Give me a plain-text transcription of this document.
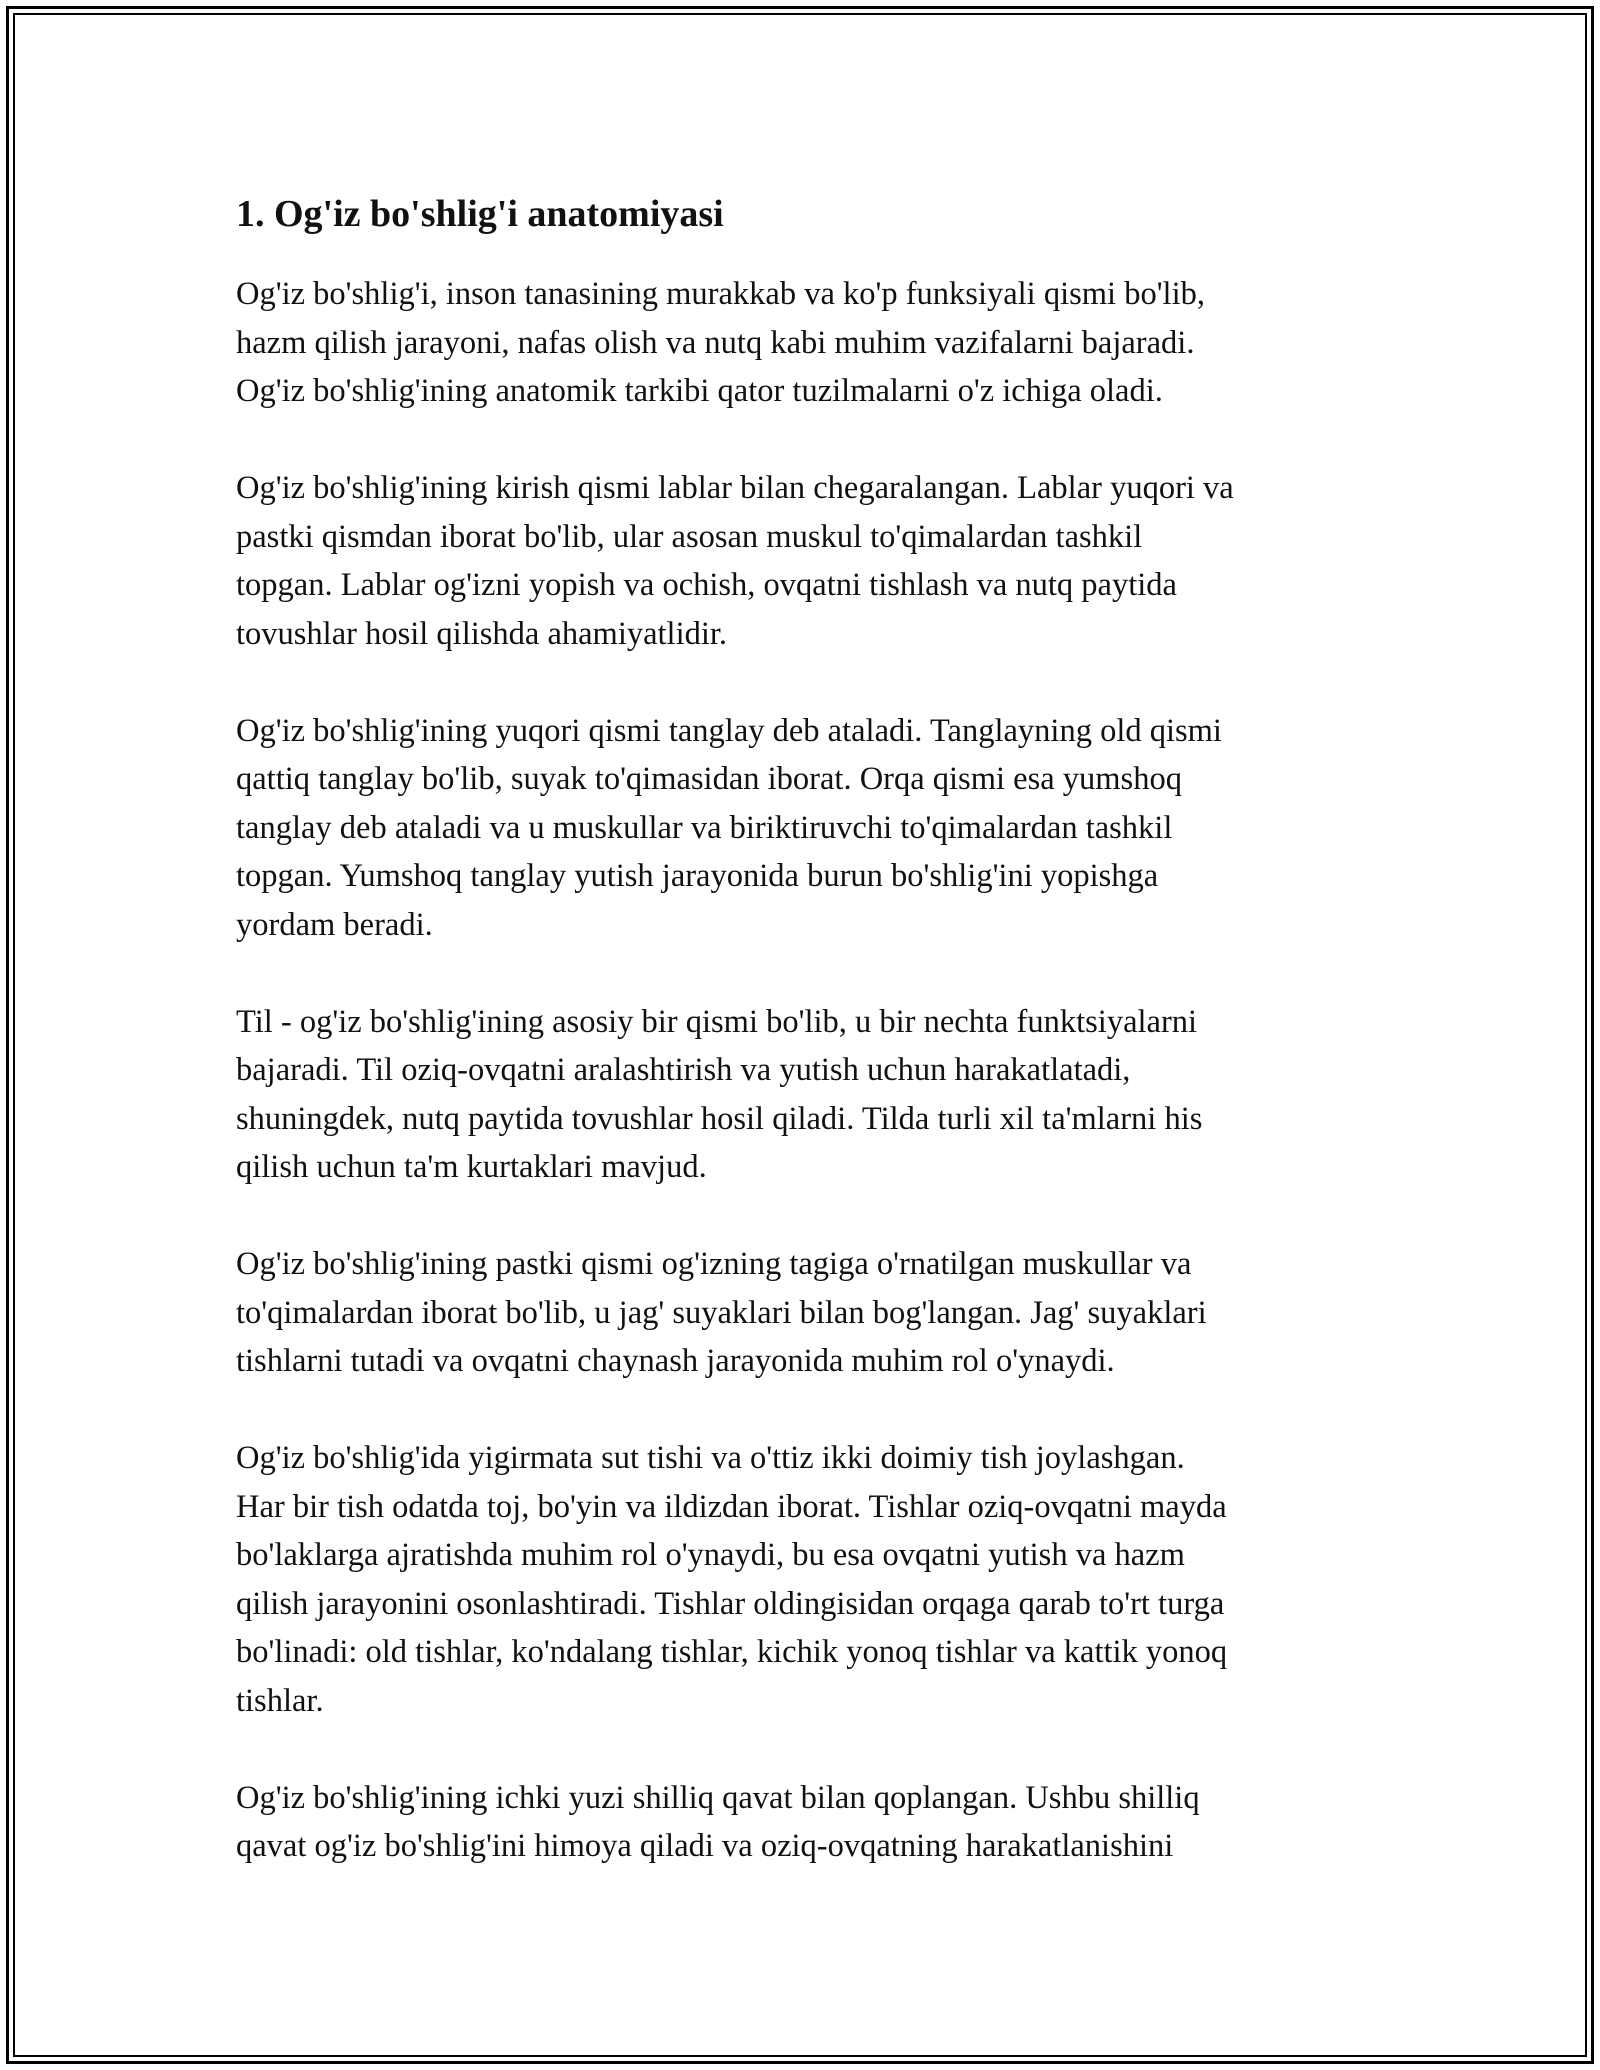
1. Og'iz bo'shlig'i anatomiyasi

Og'iz bo'shlig'i, inson tanasining murakkab va ko'p funksiyali qismi bo'lib,
hazm qilish jarayoni, nafas olish va nutq kabi muhim vazifalarni bajaradi.
Og'iz bo'shlig'ining anatomik tarkibi qator tuzilmalarni o'z ichiga oladi.

Og'iz bo'shlig'ining kirish qismi lablar bilan chegaralangan. Lablar yuqori va
pastki qismdan iborat bo'lib, ular asosan muskul to'qimalardan tashkil
topgan. Lablar og'izni yopish va ochish, ovqatni tishlash va nutq paytida
tovushlar hosil qilishda ahamiyatlidir.

Og'iz bo'shlig'ining yuqori qismi tanglay deb ataladi. Tanglayning old qismi
qattiq tanglay bo'lib, suyak to'qimasidan iborat. Orqa qismi esa yumshoq
tanglay deb ataladi va u muskullar va biriktiruvchi to'qimalardan tashkil
topgan. Yumshoq tanglay yutish jarayonida burun bo'shlig'ini yopishga
yordam beradi.

Til - og'iz bo'shlig'ining asosiy bir qismi bo'lib, u bir nechta funktsiyalarni
bajaradi. Til oziq-ovqatni aralashtirish va yutish uchun harakatlatadi,
shuningdek, nutq paytida tovushlar hosil qiladi. Tilda turli xil ta'mlarni his
qilish uchun ta'm kurtaklari mavjud.

Og'iz bo'shlig'ining pastki qismi og'izning tagiga o'rnatilgan muskullar va
to'qimalardan iborat bo'lib, u jag' suyaklari bilan bog'langan. Jag' suyaklari
tishlarni tutadi va ovqatni chaynash jarayonida muhim rol o'ynaydi.

Og'iz bo'shlig'ida yigirmata sut tishi va o'ttiz ikki doimiy tish joylashgan.
Har bir tish odatda toj, bo'yin va ildizdan iborat. Tishlar oziq-ovqatni mayda
bo'laklarga ajratishda muhim rol o'ynaydi, bu esa ovqatni yutish va hazm
qilish jarayonini osonlashtiradi. Tishlar oldingisidan orqaga qarab to'rt turga
bo'linadi: old tishlar, ko'ndalang tishlar, kichik yonoq tishlar va kattik yonoq
tishlar.

Og'iz bo'shlig'ining ichki yuzi shilliq qavat bilan qoplangan. Ushbu shilliq
qavat og'iz bo'shlig'ini himoya qiladi va oziq-ovqatning harakatlanishini
